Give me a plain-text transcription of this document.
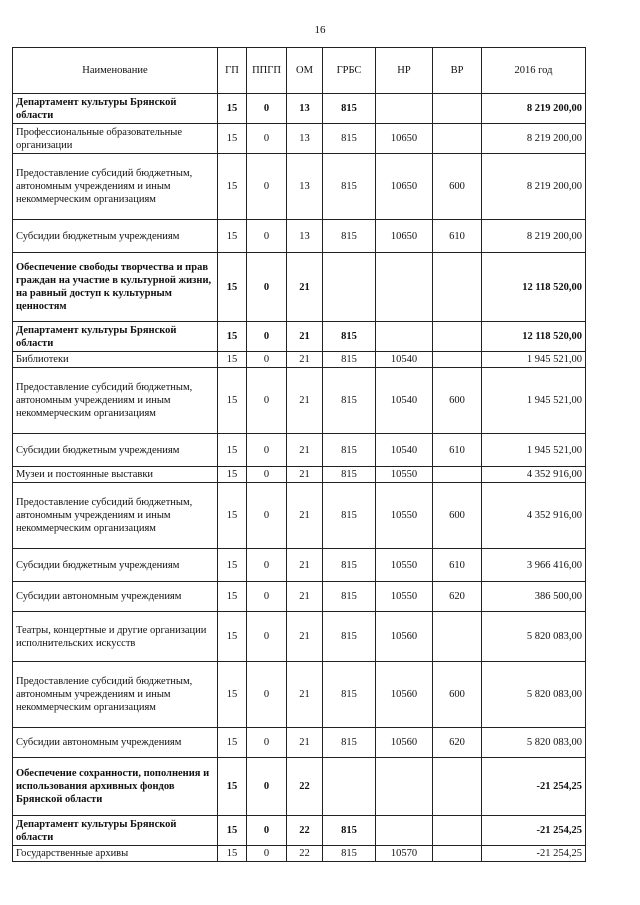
16
Наименование	ГП	ППГП	ОМ	ГРБС	НР	ВР	2016 год
Департамент культуры Брянской области	15	0	13	815			8 219 200,00
Профессиональные образовательные организации	15	0	13	815	10650		8 219 200,00
Предоставление субсидий бюджетным, автономным учреждениям и иным некоммерческим организациям	15	0	13	815	10650	600	8 219 200,00
Субсидии бюджетным учреждениям	15	0	13	815	10650	610	8 219 200,00
Обеспечение свободы творчества и прав граждан на участие в культурной жизни, на равный доступ к культурным ценностям	15	0	21				12 118 520,00
Департамент культуры Брянской области	15	0	21	815			12 118 520,00
Библиотеки	15	0	21	815	10540		1 945 521,00
Предоставление субсидий бюджетным, автономным учреждениям и иным некоммерческим организациям	15	0	21	815	10540	600	1 945 521,00
Субсидии бюджетным учреждениям	15	0	21	815	10540	610	1 945 521,00
Музеи и постоянные выставки	15	0	21	815	10550		4 352 916,00
Предоставление субсидий бюджетным, автономным учреждениям и иным некоммерческим организациям	15	0	21	815	10550	600	4 352 916,00
Субсидии бюджетным учреждениям	15	0	21	815	10550	610	3 966 416,00
Субсидии автономным учреждениям	15	0	21	815	10550	620	386 500,00
Театры, концертные и другие организации исполнительских искусств	15	0	21	815	10560		5 820 083,00
Предоставление субсидий бюджетным, автономным учреждениям и иным некоммерческим организациям	15	0	21	815	10560	600	5 820 083,00
Субсидии автономным учреждениям	15	0	21	815	10560	620	5 820 083,00
Обеспечение сохранности, пополнения и использования архивных фондов Брянской области	15	0	22				-21 254,25
Департамент культуры Брянской области	15	0	22	815			-21 254,25
Государственные архивы	15	0	22	815	10570		-21 254,25
